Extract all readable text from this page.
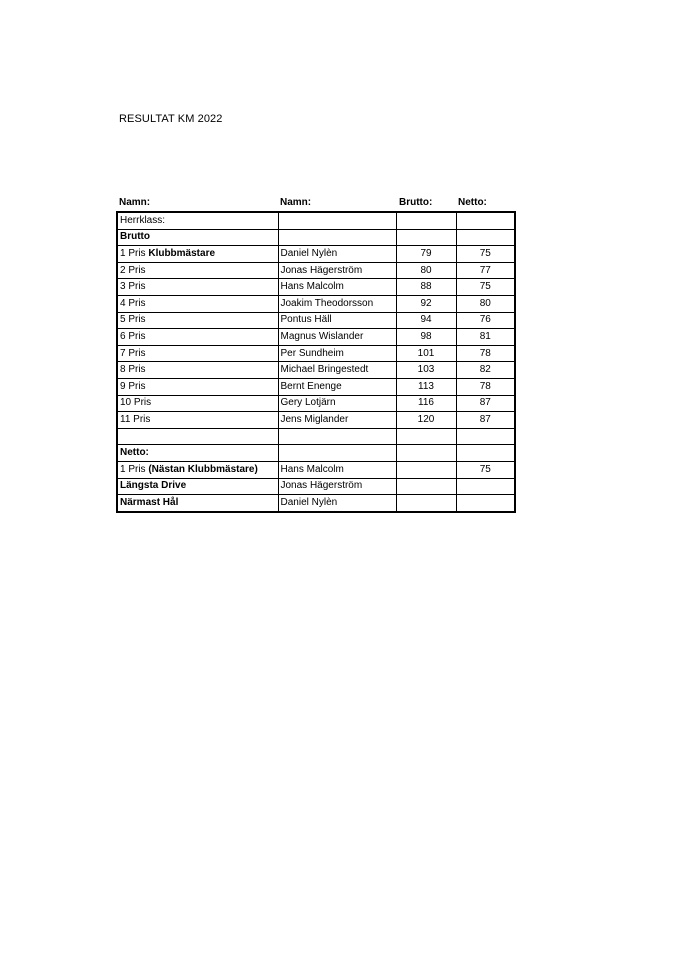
RESULTAT KM 2022
Namn:	Namn:	Brutto:	Netto:
Herrklass:			
Brutto			
1 Pris Klubbmästare	Daniel Nylèn	79	75
2 Pris	Jonas Hägerström	80	77
3 Pris	Hans Malcolm	88	75
4 Pris	Joakim Theodorsson	92	80
5 Pris	Pontus Häll	94	76
6 Pris	Magnus Wislander	98	81
7 Pris	Per Sundheim	101	78
8 Pris	Michael Bringestedt	103	82
9 Pris	Bernt Enenge	113	78
10 Pris	Gery Lotjärn	116	87
11 Pris	Jens Miglander	120	87

Netto:			
1 Pris (Nästan Klubbmästare)	Hans Malcolm		75
Längsta Drive	Jonas Hägerström		
Närmast Hål	Daniel Nylèn		
